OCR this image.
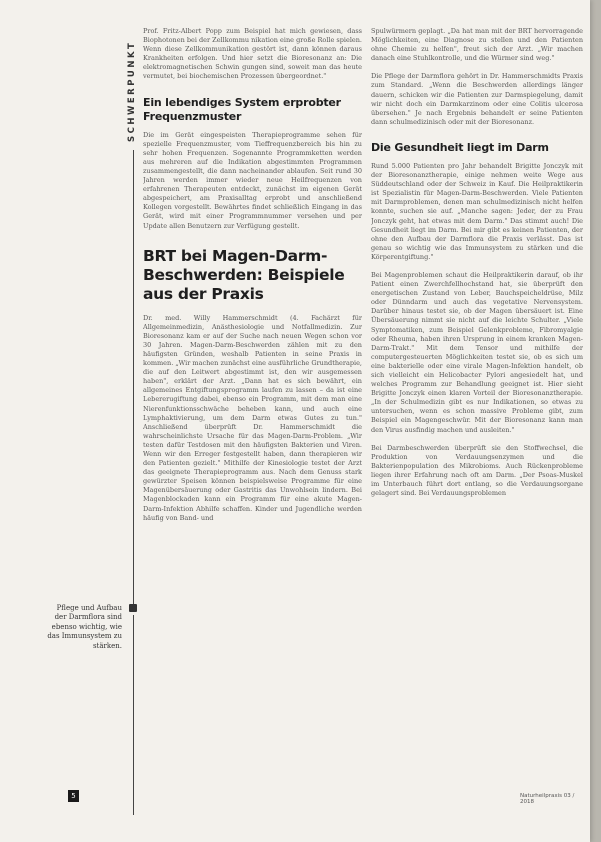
SCHWERPUNKT
Pflege und Aufbau der Darmflora sind ebenso wichtig, wie das Immunsystem zu stärken.

Prof. Fritz-Albert Popp zum Beispiel hat mich gewiesen, dass Biophotonen bei der Zellkommu nikation eine große Rolle spielen. Wenn diese Zellkommunikation gestört ist, dann können daraus Krankheiten erfolgen. Und hier setzt die Bioresonanz an: Die elektromagnetischen Schwin gungen sind, soweit man das heute vermutet, bei biochemischen Prozessen übergeordnet."

Ein lebendiges System erprobter Frequenzmuster

Die im Gerät eingespeisten Therapieprogramme sehen für spezielle Frequenzmuster, vom Tieffrequenzbereich bis hin zu sehr hohen Frequenzen. Sogenannte Programmketten werden aus mehreren auf die Indikation abgestimmten Programmen zusammengestellt, die dann nacheinander ablaufen. Seit rund 30 Jahren werden immer wieder neue Heilfrequenzen von erfahrenen Therapeuten entdeckt, zunächst im eigenen Gerät abgespeichert, am Praxisalltag erprobt und anschließend Kollegen vorgestellt. Bewährtes findet schließlich Eingang in das Gerät, wird mit einer Programmnummer versehen und per Update allen Benutzern zur Verfügung gestellt.

BRT bei Magen-Darm-Beschwerden: Beispiele aus der Praxis

Dr. med. Willy Hammerschmidt (4. Fachärzt für Allgemeinmedizin, Anästhesiologie und Notfallmedizin. Zur Bioresonanz kam er auf der Suche nach neuen Wegen schon vor 30 Jahren. Magen-Darm-Beschwerden zählen mit zu den häufigsten Gründen, weshalb Patienten in seine Praxis in kommen. „Wir machen zunächst eine ausführliche Grundtherapie, die auf den Leitwert abgestimmt ist, den wir ausgemessen haben", erklärt der Arzt. „Dann hat es sich bewährt, ein allgemeines Entgiftungsprogramm laufen zu lassen – da ist eine Lebererugiftung dabei, ebenso ein Programm, mit dem man eine Nierenfunktionsschwäche beheben kann, und auch eine Lymphaktivierung, um dem Darm etwas Gutes zu tun." Anschließend überprüft Dr. Hammerschmidt die wahrscheinlichste Ursache für das Magen-Darm-Problem. „Wir testen dafür Testdosen mit den häufigsten Bakterien und Viren. Wenn wir den Erreger festgestellt haben, dann therapieren wir den Patienten gezielt." Mithilfe der Kinesiologie testet der Arzt das geeignete Therapieprogramm aus. Nach dem Genuss stark gewürzter Speisen können beispielsweise Programme für eine Magenübersäuerung oder Gastritis das Unwohlsein lindern. Bei Magenblockaden kann ein Programm für eine akute Magen-Darm-Infektion Abhilfe schaffen. Kinder und Jugendliche werden häufig von Band- und

Spulwürmern geplagt. „Da hat man mit der BRT hervorragende Möglichkeiten, eine Diagnose zu stellen und den Patienten ohne Chemie zu helfen", freut sich der Arzt. „Wir machen danach eine Stuhlkontrolle, und die Würmer sind weg."

Die Pflege der Darmflora gehört in Dr. Hammerschmidts Praxis zum Standard. „Wenn die Beschwerden allerdings länger dauern, schicken wir die Patienten zur Darmspiegelung, damit wir nicht doch ein Darmkarzinom oder eine Colitis ulcerosa übersehen." Je nach Ergebnis behandelt er seine Patienten dann schulmedizinisch oder mit der Bioresonanz.

Die Gesundheit liegt im Darm

Rund 5.000 Patienten pro Jahr behandelt Brigitte Jonczyk mit der Bioresonanztherapie, einige nehmen weite Wege aus Süddeutschland oder der Schweiz in Kauf. Die Heilpraktikerin ist Spezialistin für Magen-Darm-Beschwerden. Viele Patienten mit Darmproblemen, denen man schulmedizinisch nicht helfen konnte, suchen sie auf. „Manche sagen: Jeder, der zu Frau Jonczyk geht, hat etwas mit dem Darm." Das stimmt auch! Die Gesundheit liegt im Darm. Bei mir gibt es keinen Patienten, der ohne den Aufbau der Darmflora die Praxis verlässt. Das ist genau so wichtig wie das Immunsystem zu stärken und die Körperentgiftung."

Bei Magenproblemen schaut die Heilpraktikerin darauf, ob ihr Patient einen Zwerchfellhochstand hat, sie überprüft den energetischen Zustand von Leber, Bauchspeicheldrüse, Milz oder Dünndarm und auch das vegetative Nervensystem. Darüber hinaus testet sie, ob der Magen übersäuert ist. Eine Übersäuerung nimmt sie nicht auf die leichte Schulter. „Viele Symptomatiken, zum Beispiel Gelenkprobleme, Fibromyalgie oder Rheuma, haben ihren Ursprung in einem kranken Magen-Darm-Trakt." Mit dem Tensor und mithilfe der computergesteuerten Möglichkeiten testet sie, ob es sich um eine bakterielle oder eine virale Magen-Infektion handelt, ob sich vielleicht ein Helicobacter Pylori angesiedelt hat, und welches Programm zur Behandlung geeignet ist. Hier sieht Brigitte Jonczyk einen klaren Vorteil der Bioresonanztherapie. „In der Schulmedizin gibt es nur Indikationen, so etwas zu untersuchen, wenn es schon massive Probleme gibt, zum Beispiel ein Magengeschwür. Mit der Bioresonanz kann man den Virus ausfindig machen und ausleiten."

Bei Darmbeschwerden überprüft sie den Stoffwechsel, die Produktion von Verdauungsenzymen und die Bakterienpopulation des Mikrobioms. Auch Rückenprobleme liegen ihrer Erfahrung nach oft am Darm. „Der Psoas-Muskel im Unterbauch führt dort entlang, so die Verdauungsorgane gelagert sind. Bei Verdauungsproblemen

5	Naturheilpraxis 03 / 2018
